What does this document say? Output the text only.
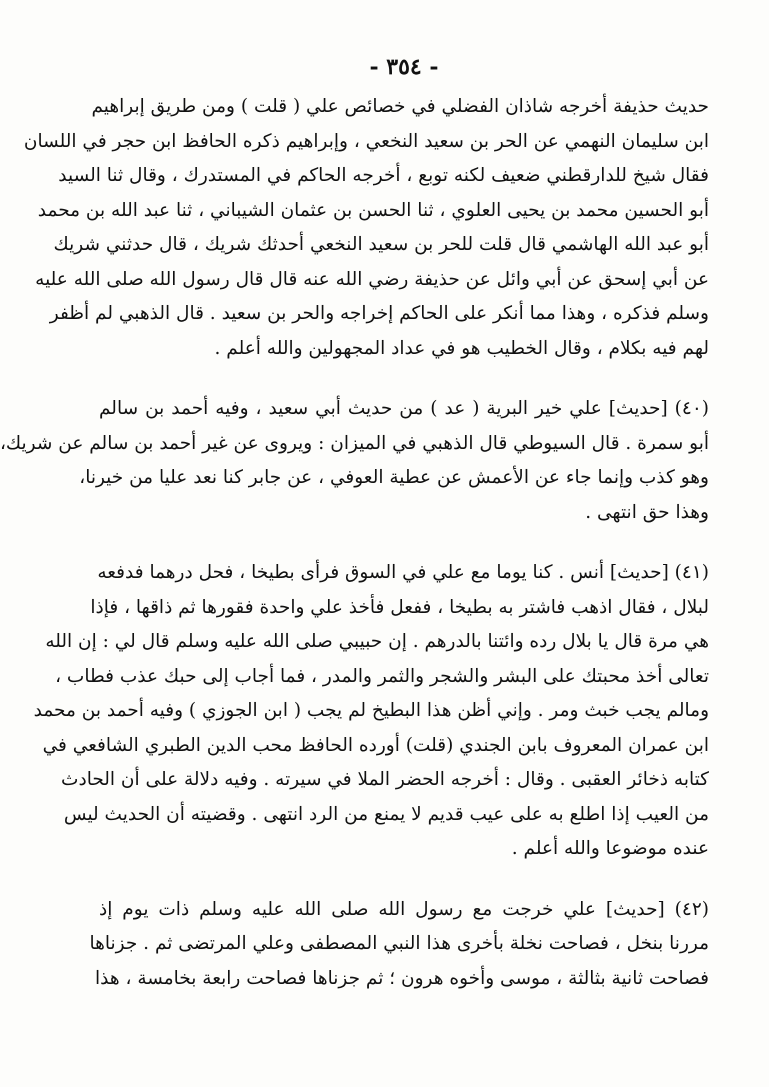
- ٣٥٤ -
حديث حذيفة أخرجه شاذان الفضلي في خصائص علي ( قلت ) ومن طريق إبراهيم
ابن سليمان النهمي عن الحر بن سعيد النخعي ، وإبراهيم ذكره الحافظ ابن حجر في اللسان
فقال شيخ للدارقطني ضعيف لكنه توبع ، أخرجه الحاكم في المستدرك ، وقال ثنا السيد
أبو الحسين محمد بن يحيى العلوي ، ثنا الحسن بن عثمان الشيباني ، ثنا عبد الله بن محمد
أبو عبد الله الهاشمي قال قلت للحر بن سعيد النخعي أحدثك شريك ، قال حدثني شريك
عن أبي إسحق عن أبي وائل عن حذيفة رضي الله عنه قال قال رسول الله صلى الله عليه
وسلم فذكره ، وهذا مما أنكر على الحاكم إخراجه والحر بن سعيد . قال الذهبي لم أظفر
لهم فيه بكلام ، وقال الخطيب هو في عداد المجهولين والله أعلم .
(٤٠) [حديث] علي خير البرية ( عد ) من حديث أبي سعيد ، وفيه أحمد بن سالم
أبو سمرة . قال السيوطي قال الذهبي في الميزان : ويروى عن غير أحمد بن سالم عن شريك،
وهو كذب وإنما جاء عن الأعمش عن عطية العوفي ، عن جابر كنا نعد عليا من خيرنا،
وهذا حق انتهى .
(٤١) [حديث] أنس . كنا يوما مع علي في السوق فرأى بطيخا ، فحل درهما فدفعه
لبلال ، فقال اذهب فاشتر به بطيخا ، ففعل فأخذ علي واحدة فقورها ثم ذاقها ، فإذا
هي مرة قال يا بلال رده وائتنا بالدرهم . إن حبيبي صلى الله عليه وسلم قال لي : إن الله
تعالى أخذ محبتك على البشر والشجر والثمر والمدر ، فما أجاب إلى حبك عذب فطاب ،
ومالم يجب خبث ومر . وإني أظن هذا البطيخ لم يجب ( ابن الجوزي ) وفيه أحمد بن محمد
ابن عمران المعروف بابن الجندي (قلت) أورده الحافظ محب الدين الطبري الشافعي في
كتابه ذخائر العقبى . وقال : أخرجه الحضر الملا في سيرته . وفيه دلالة على أن الحادث
من العيب إذا اطلع به على عيب قديم لا يمنع من الرد انتهى . وقضيته أن الحديث ليس
عنده موضوعا والله أعلم .
(٤٢) [حديث] علي خرجت مع رسول الله صلى الله عليه وسلم ذات يوم إذ
مررنا بنخل ، فصاحت نخلة بأخرى هذا النبي المصطفى وعلي المرتضى ثم . جزناها
فصاحت ثانية بثالثة ، موسى وأخوه هرون ؛ ثم جزناها فصاحت رابعة بخامسة ، هذا
